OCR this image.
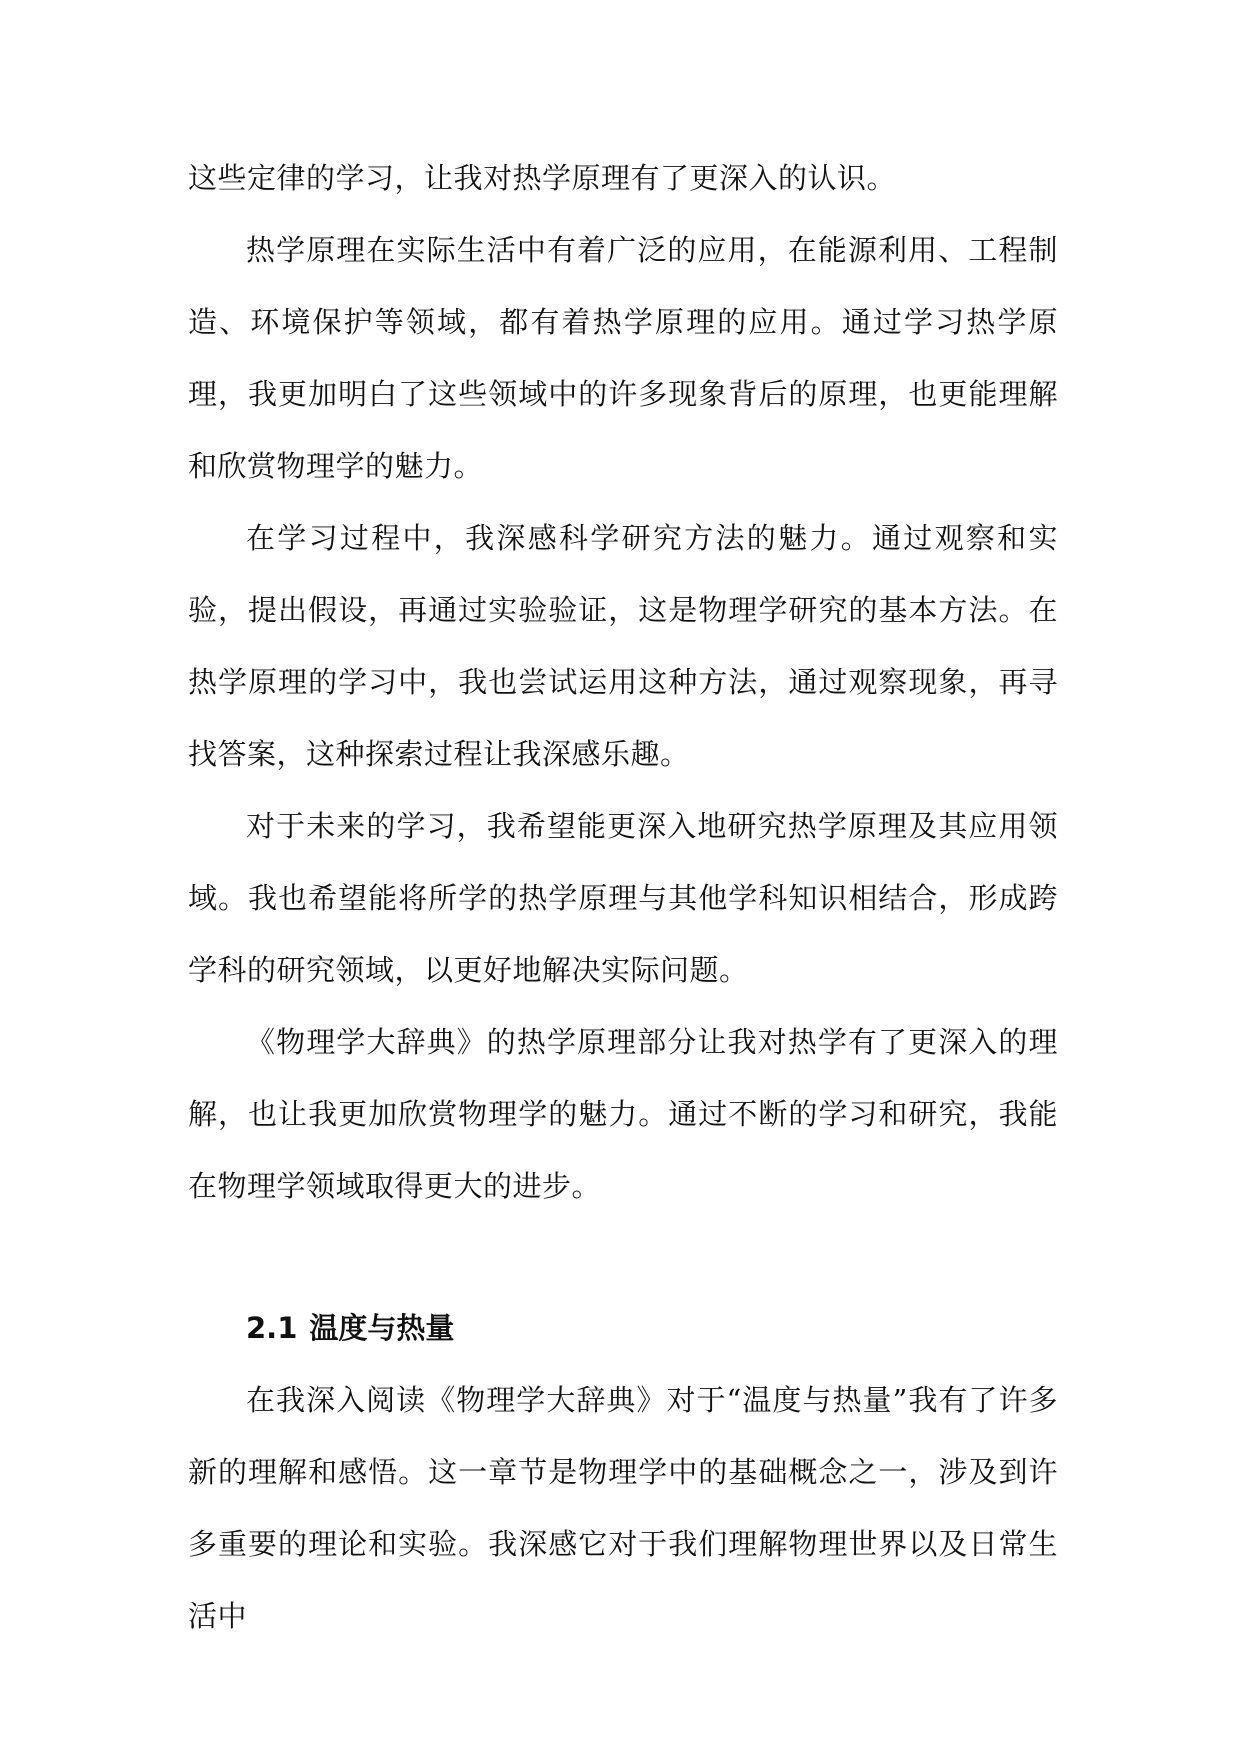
这些定律的学习，让我对热学原理有了更深入的认识。

热学原理在实际生活中有着广泛的应用，在能源利用、工程制造、环境保护等领域，都有着热学原理的应用。通过学习热学原理，我更加明白了这些领域中的许多现象背后的原理，也更能理解和欣赏物理学的魅力。

在学习过程中，我深感科学研究方法的魅力。通过观察和实验，提出假设，再通过实验验证，这是物理学研究的基本方法。在热学原理的学习中，我也尝试运用这种方法，通过观察现象，再寻找答案，这种探索过程让我深感乐趣。

对于未来的学习，我希望能更深入地研究热学原理及其应用领域。我也希望能将所学的热学原理与其他学科知识相结合，形成跨学科的研究领域，以更好地解决实际问题。

《物理学大辞典》的热学原理部分让我对热学有了更深入的理解，也让我更加欣赏物理学的魅力。通过不断的学习和研究，我能在物理学领域取得更大的进步。

2.1 温度与热量

在我深入阅读《物理学大辞典》对于“温度与热量”我有了许多新的理解和感悟。这一章节是物理学中的基础概念之一，涉及到许多重要的理论和实验。我深感它对于我们理解物理世界以及日常生活中
